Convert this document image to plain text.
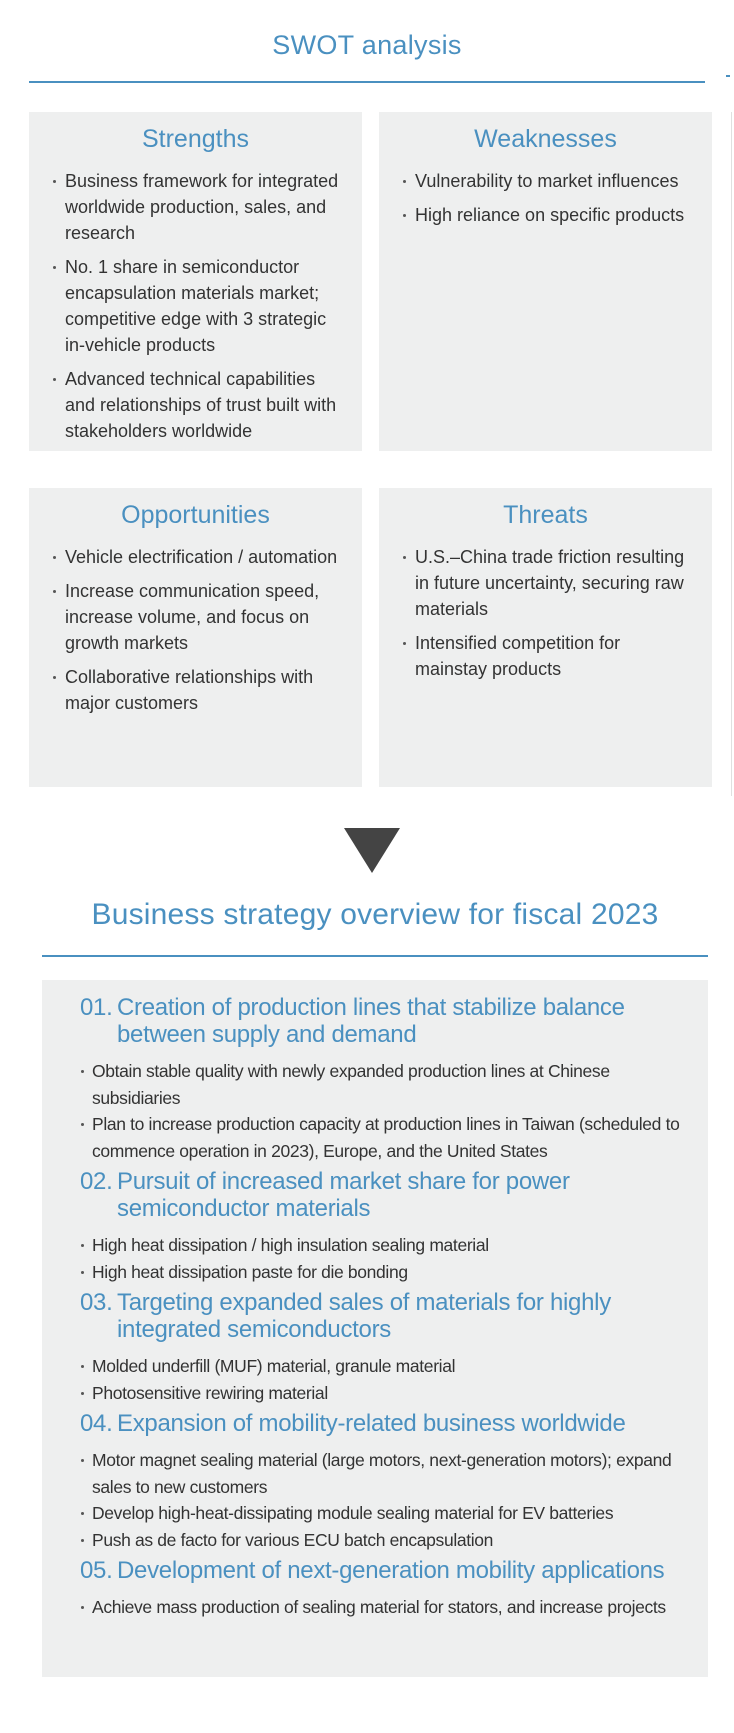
SWOT analysis
Strengths
Business framework for integrated worldwide production, sales, and research
No. 1 share in semiconductor encapsulation materials market; competitive edge with 3 strategic in-vehicle products
Advanced technical capabilities and relationships of trust built with stakeholders worldwide
Weaknesses
Vulnerability to market influences
High reliance on specific products
Opportunities
Vehicle electrification / automation
Increase communication speed, increase volume, and focus on growth markets
Collaborative relationships with major customers
Threats
U.S.–China trade friction resulting in future uncertainty, securing raw materials
Intensified competition for mainstay products
Business strategy overview for fiscal 2023
01. Creation of production lines that stabilize balance between supply and demand
Obtain stable quality with newly expanded production lines at Chinese subsidiaries
Plan to increase production capacity at production lines in Taiwan (scheduled to commence operation in 2023), Europe, and the United States
02. Pursuit of increased market share for power semiconductor materials
High heat dissipation / high insulation sealing material
High heat dissipation paste for die bonding
03. Targeting expanded sales of materials for highly integrated semiconductors
Molded underfill (MUF) material, granule material
Photosensitive rewiring material
04. Expansion of mobility-related business worldwide
Motor magnet sealing material (large motors, next-generation motors); expand sales to new customers
Develop high-heat-dissipating module sealing material for EV batteries
Push as de facto for various ECU batch encapsulation
05. Development of next-generation mobility applications
Achieve mass production of sealing material for stators, and increase projects
